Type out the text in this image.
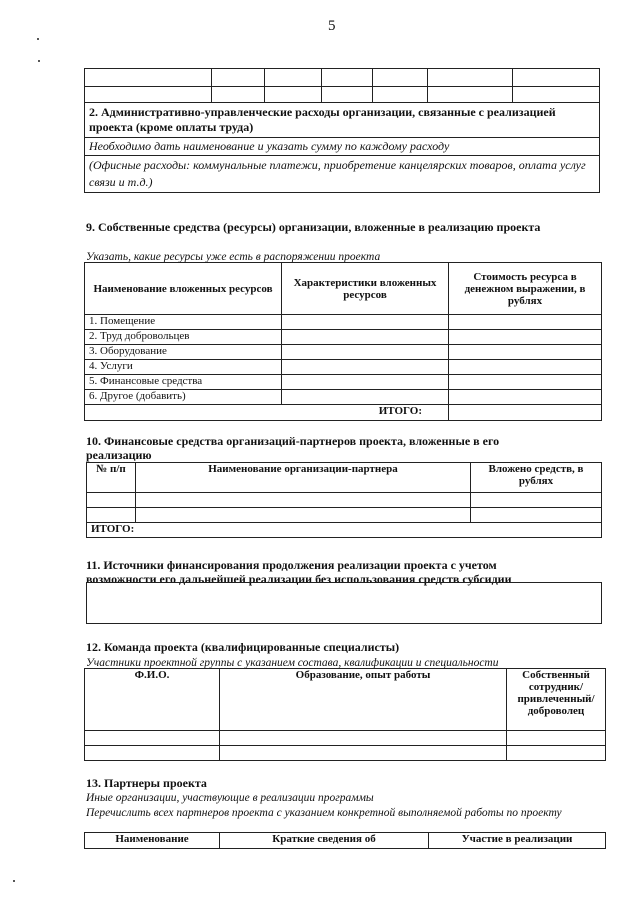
5

2. Административно-управленческие расходы организации, связанные с реализацией проекта (кроме оплаты труда)						
Необходимо дать наименование и указать сумму по каждому расходу						
(Офисные расходы: коммунальные платежи, приобретение канцелярских товаров, оплата услуг связи и т.д.)						
9. Собственные средства (ресурсы) организации, вложенные в реализацию проекта
Указать, какие ресурсы уже есть в распоряжении проекта
Наименование вложенных ресурсов	Характеристики вложенных ресурсов	Стоимость ресурса в денежном выражении, в рублях
1. Помещение		
2. Труд добровольцев		
3. Оборудование		
4. Услуги		
5. Финансовые средства		
6. Другое (добавить)		
ИТОГО:		
10. Финансовые средства организаций-партнеров проекта, вложенные в его реализацию
№ п/п	Наименование организации-партнера	Вложено средств, в рублях

ИТОГО:		
11. Источники финансирования продолжения реализации проекта с учетом возможности его дальнейшей реализации без использования средств субсидии
12. Команда проекта (квалифицированные специалисты)
Участники проектной группы с указанием состава, квалификации и специальности
Ф.И.О.	Образование, опыт работы	Собственный сотрудник/ привлеченный/ доброволец

13. Партнеры проекта
Иные организации, участвующие в реализации программы
Перечислить всех партнеров проекта с указанием конкретной выполняемой работы по проекту
Наименование	Краткие сведения об	Участие в реализации
